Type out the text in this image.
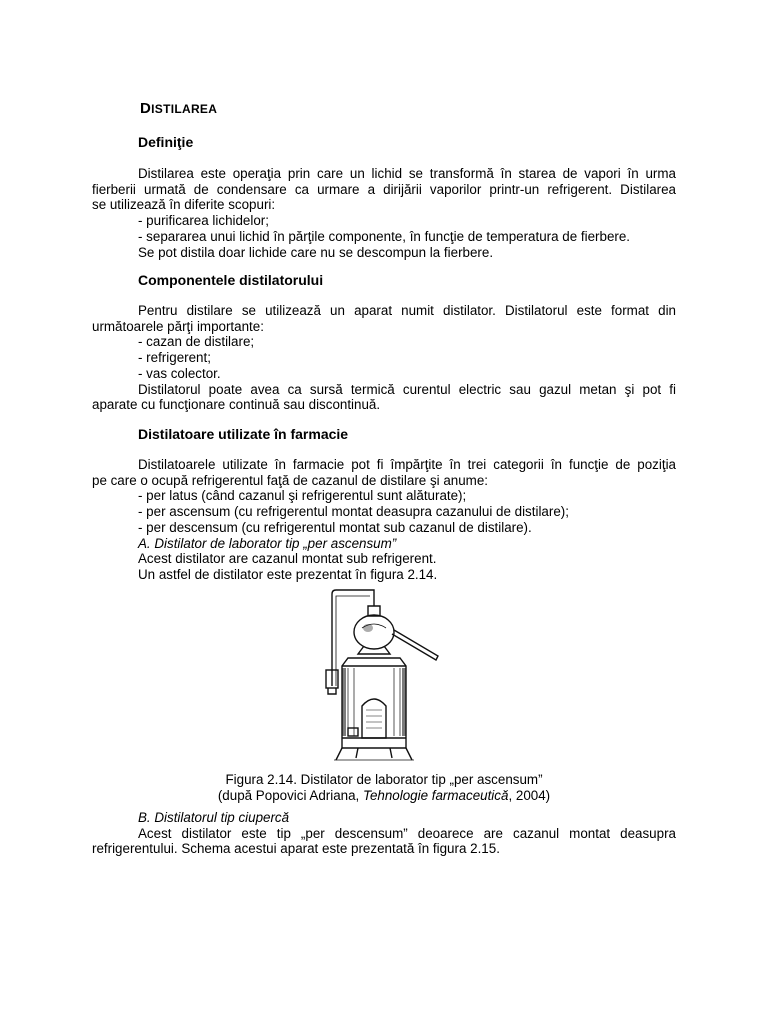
DISTILAREA
Definiţie
Distilarea este operaţia prin care un lichid se transformă în starea de vapori în urma
fierberii urmată de condensare ca urmare a dirijării vaporilor printr-un refrigerent. Distilarea
se utilizează în diferite scopuri:
- purificarea lichidelor;
- separarea unui lichid în părţile componente, în funcţie de temperatura de fierbere.
Se pot distila doar lichide care nu se descompun la fierbere.
Componentele distilatorului
Pentru distilare se utilizează un aparat numit distilator. Distilatorul este format din
următoarele părţi importante:
- cazan de distilare;
- refrigerent;
- vas colector.
Distilatorul poate avea ca sursă termică curentul electric sau gazul metan şi pot fi
aparate cu funcţionare continuă sau discontinuă.
Distilatoare utilizate în farmacie
Distilatoarele utilizate în farmacie pot fi împărţite în trei categorii în funcţie de poziţia
pe care o ocupă refrigerentul faţă de cazanul de distilare şi anume:
- per latus (când cazanul şi refrigerentul sunt alăturate);
- per ascensum (cu refrigerentul montat deasupra cazanului de distilare);
- per descensum (cu refrigerentul montat sub cazanul de distilare).
A. Distilator de laborator tip „per ascensum”
Acest distilator are cazanul montat sub refrigerent.
Un astfel de distilator este prezentat în figura 2.14.
Figura 2.14. Distilator de laborator tip „per ascensum”
(după Popovici Adriana, Tehnologie farmaceutică, 2004)
B. Distilatorul tip ciupercă
Acest distilator este tip „per descensum” deoarece are cazanul montat deasupra
refrigerentului. Schema acestui aparat este prezentată în figura 2.15.
